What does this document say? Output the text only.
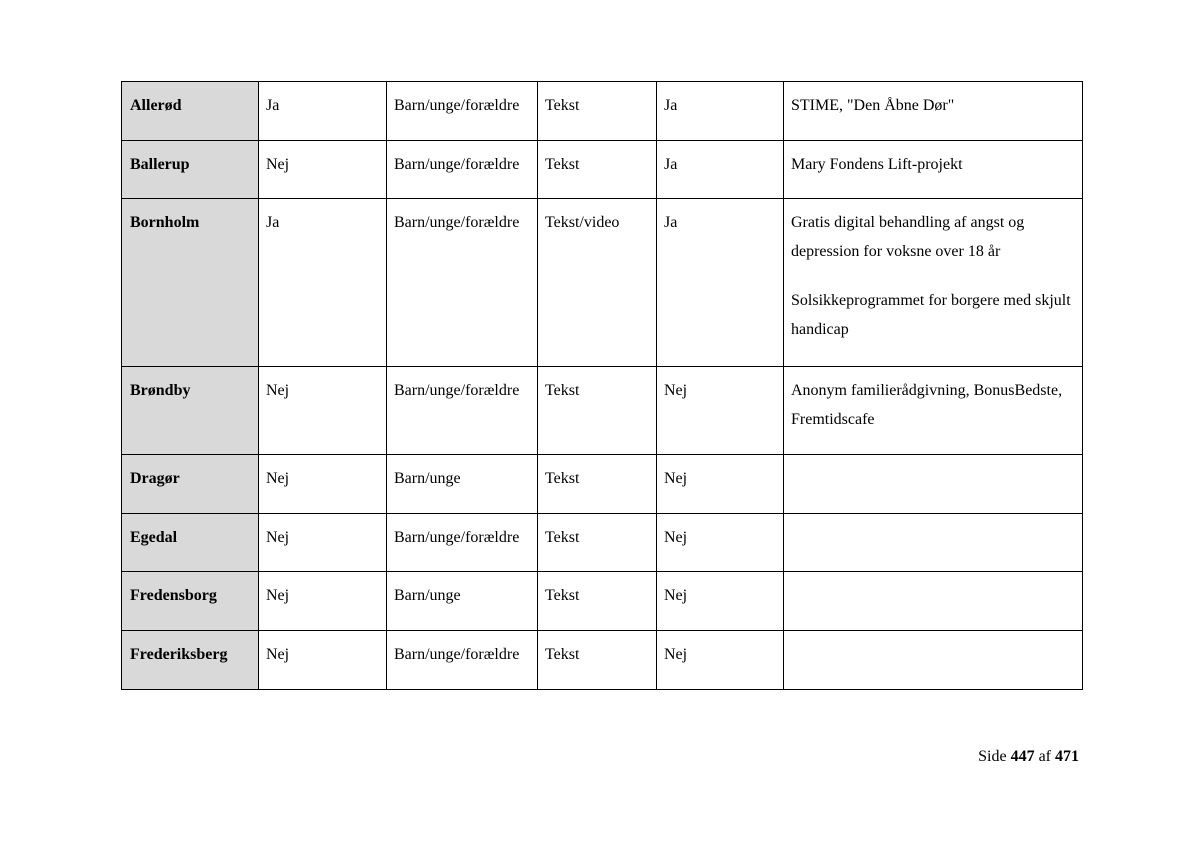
Allerød	Ja	Barn/unge/forældre	Tekst	Ja	STIME, "Den Åbne Dør"

Ballerup	Nej	Barn/unge/forældre	Tekst	Ja	Mary Fondens Lift-projekt

Bornholm	Ja	Barn/unge/forældre	Tekst/video	Ja	Gratis digital behandling af angst og depression for voksne over 18 år
Solsikkeprogrammet for borgere med skjult handicap

Brøndby	Nej	Barn/unge/forældre	Tekst	Nej	Anonym familierådgivning, BonusBedste, Fremtidscafe

Dragør	Nej	Barn/unge	Tekst	Nej	
Egedal	Nej	Barn/unge/forældre	Tekst	Nej	
Fredensborg	Nej	Barn/unge	Tekst	Nej	
Frederiksberg	Nej	Barn/unge/forældre	Tekst	Nej	
Side 447 af 471
